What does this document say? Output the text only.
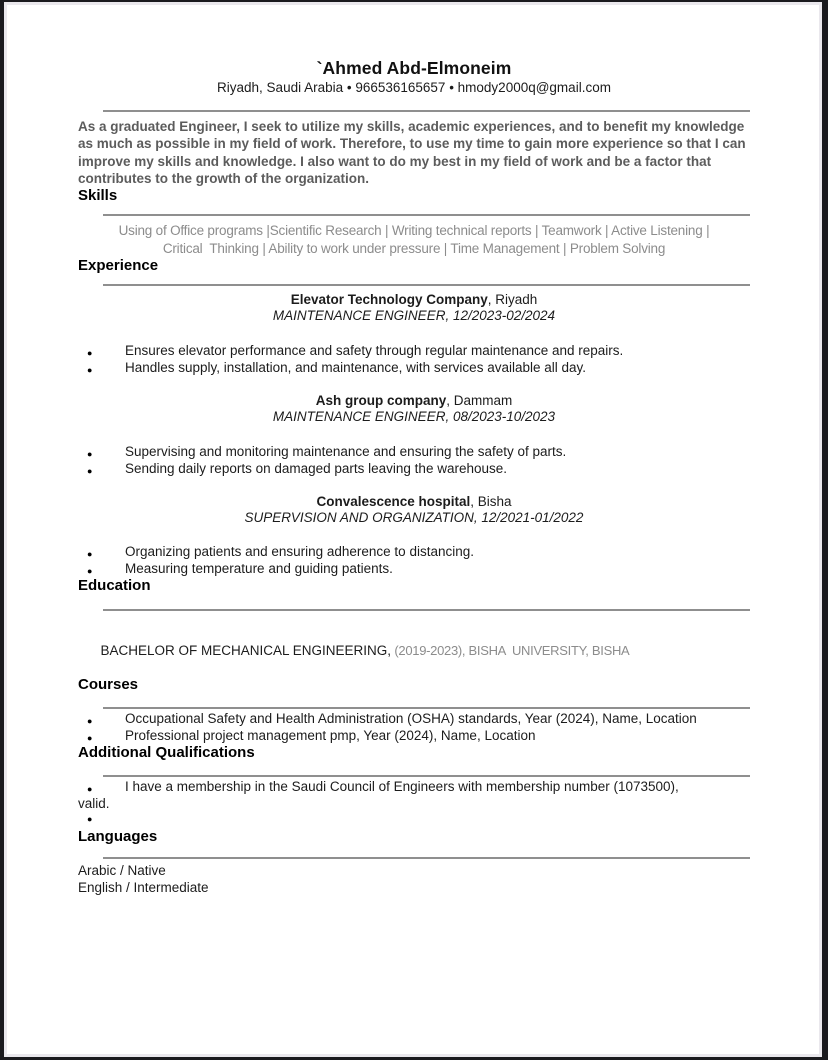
`Ahmed Abd-Elmoneim
Riyadh, Saudi Arabia • 966536165657 • hmody2000q@gmail.com

As a graduated Engineer, I seek to utilize my skills, academic experiences, and to benefit my knowledge as much as possible in my field of work. Therefore, to use my time to gain more experience so that I can improve my skills and knowledge. I also want to do my best in my field of work and be a factor that contributes to the growth of the organization.

Skills
Using of Office programs |Scientific Research | Writing technical reports | Teamwork | Active Listening |
Critical  Thinking | Ability to work under pressure | Time Management | Problem Solving
Experience
Elevator Technology Company, Riyadh
MAINTENANCE ENGINEER, 12/2023-02/2024
● Ensures elevator performance and safety through regular maintenance and repairs.
● Handles supply, installation, and maintenance, with services available all day.
Ash group company, Dammam
MAINTENANCE ENGINEER, 08/2023-10/2023
● Supervising and monitoring maintenance and ensuring the safety of parts.
● Sending daily reports on damaged parts leaving the warehouse.
Convalescence hospital, Bisha
SUPERVISION AND ORGANIZATION, 12/2021-01/2022
● Organizing patients and ensuring adherence to distancing.
● Measuring temperature and guiding patients.
Education

BACHELOR OF MECHANICAL ENGINEERING, (2019-2023), BISHA  UNIVERSITY, BISHA

Courses
● Occupational Safety and Health Administration (OSHA) standards, Year (2024), Name, Location
● Professional project management pmp, Year (2024), Name, Location
Additional Qualifications
● I have a membership in the Saudi Council of Engineers with membership number (1073500),
valid.
●
Languages
Arabic / Native
English / Intermediate
